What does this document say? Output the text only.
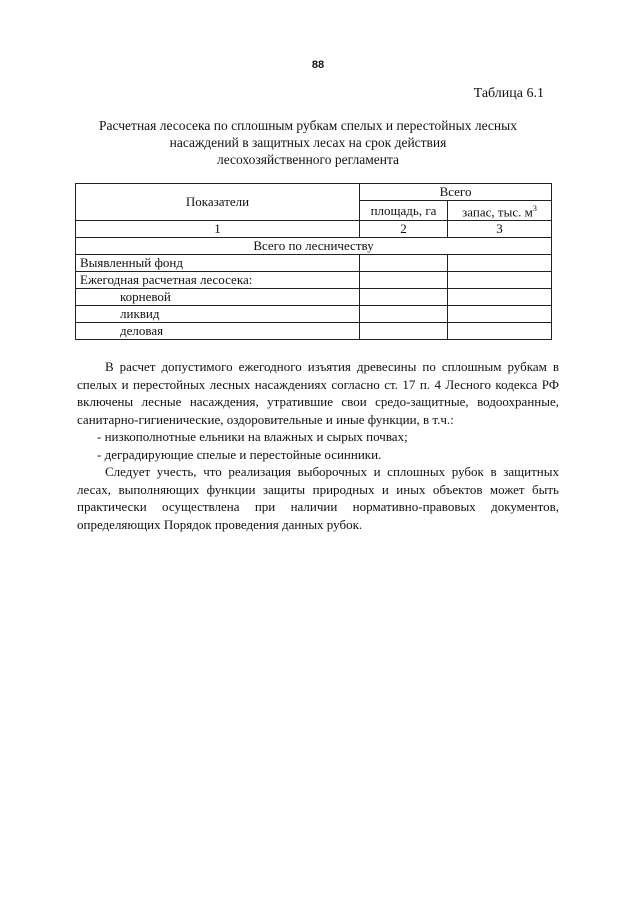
88
Таблица 6.1
Расчетная лесосека по сплошным рубкам спелых и перестойных лесных
насаждений в защитных лесах на срок действия
лесохозяйственного регламента
Показатели	Всего	
	площадь, га	запас, тыс. $м^3$
1	2	3
Всего по лесничеству		
Выявленный фонд		
Ежегодная расчетная лесосека:		
корневой		
ликвид		
деловая		

В расчет допустимого ежегодного изъятия древесины по сплошным рубкам в спелых и перестойных лесных насаждениях согласно ст. 17 п. 4 Лесного кодекса РФ включены лесные насаждения, утратившие свои средо-защитные, водоохранные, санитарно-гигиенические, оздоровительные и иные функции, в т.ч.:

- низкополнотные ельники на влажных и сырых почвах;

- деградирующие спелые и перестойные осинники.

Следует учесть, что реализация выборочных и сплошных рубок в защитных лесах, выполняющих функции защиты природных и иных объектов может быть практически осуществлена при наличии нормативно-правовых документов, определяющих Порядок проведения данных рубок.
